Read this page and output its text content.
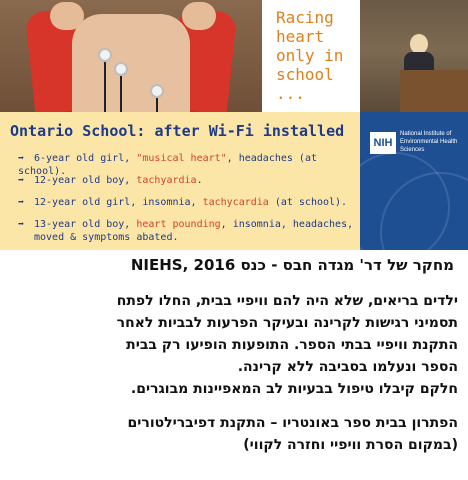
Racing
heart
only in
school
...
NIH
National Institute of Environmental Health Sciences
Ontario School: after Wi-Fi installed
➡ 6-year old girl, "musical heart", headaches (at school).
➡ 12-year old boy, tachyardia.
➡ 12-year old girl, insomnia, tachycardia (at school).
➡ 13-year old boy, heart pounding, insomnia, headaches,
moved & symptoms abated.
מחקר של דר' מגדה חבס - כנס NIEHS, 2016
ילדים בריאים, שלא היה להם וויפיי בבית, החלו לפתח
תסמיני רגישות לקרינה ובעיקר הפרעות לבביות לאחר
התקנת וויפיי בבתי הספר. התופעות הופיעו רק בבית
הספר ונעלמו בסביבה ללא קרינה.
חלקם קיבלו טיפול בבעיות לב המאפיינות מבוגרים.
הפתרון בבית ספר באונטריו – התקנת דפיברילטורים
(במקום הסרת וויפיי וחזרה לקווי)
